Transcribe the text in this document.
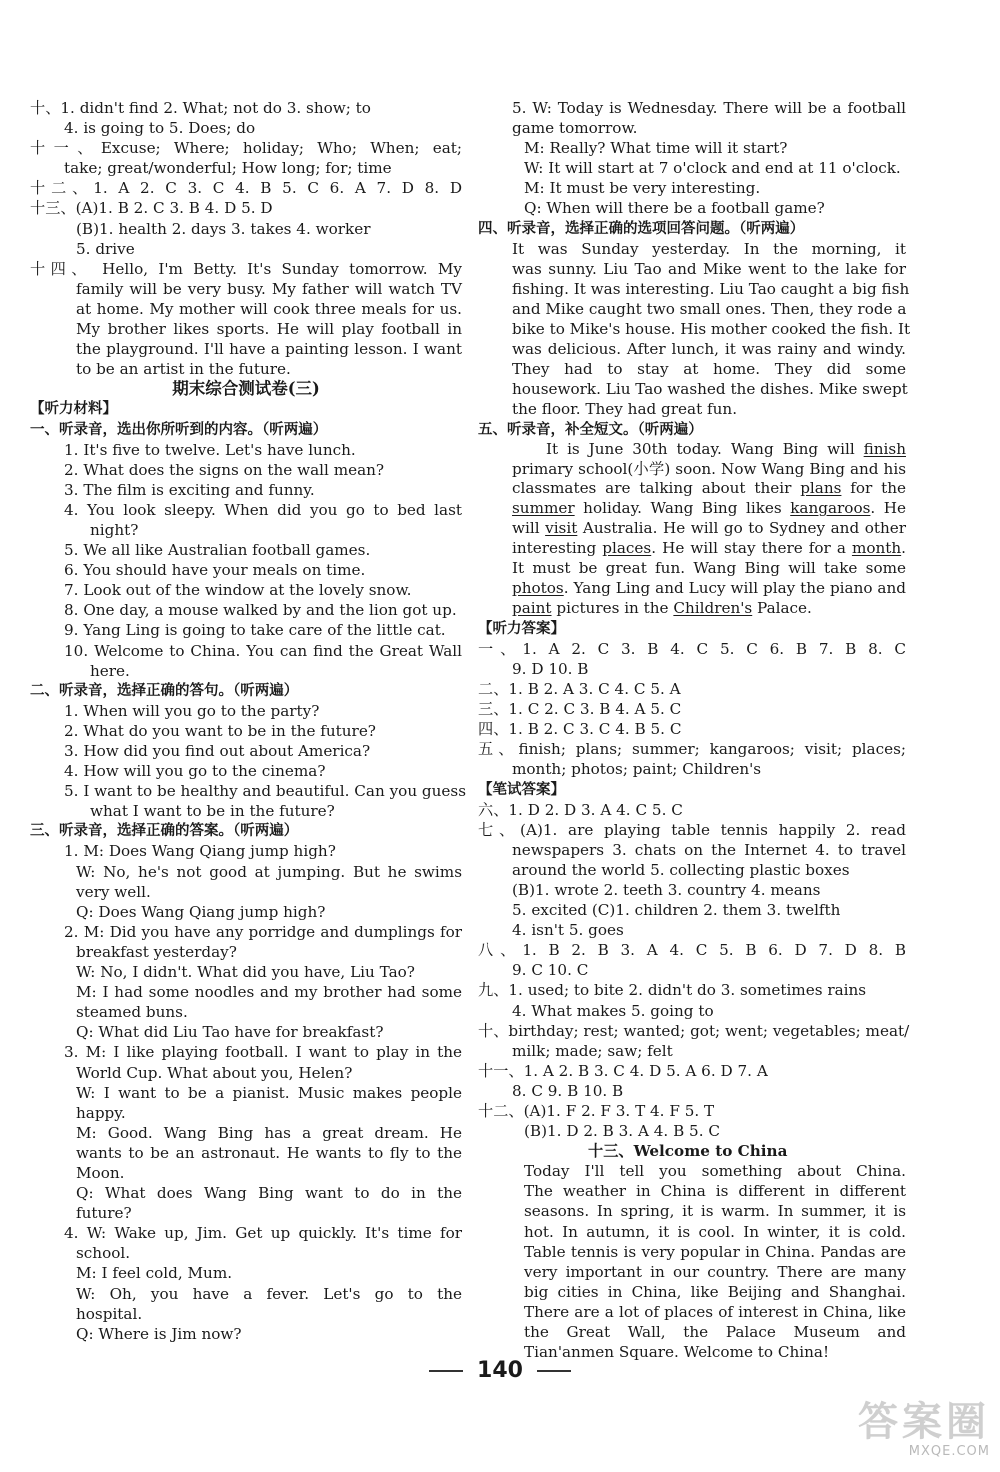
十、1. didn't find 2. What; not do 3. show; to
4. is going to 5. Does; do
十一、Excuse; Where; holiday; Who; When; eat;
take; great/wonderful; How long; for; time
十二、1. A 2. C 3. C 4. B 5. C 6. A 7. D 8. D
十三、(A)1. B 2. C 3. B 4. D 5. D
(B)1. health 2. days 3. takes 4. worker
5. drive
十四、 Hello, I'm Betty. It's Sunday tomorrow. My
family will be very busy. My father will watch TV
at home. My mother will cook three meals for us.
My brother likes sports. He will play football in
the playground. I'll have a painting lesson. I want
to be an artist in the future.
期末综合测试卷(三)
【听力材料】
一、听录音，选出你所听到的内容。（听两遍）
1. It's five to twelve. Let's have lunch.
2. What does the signs on the wall mean?
3. The film is exciting and funny.
4. You look sleepy. When did you go to bed last
night?
5. We all like Australian football games.
6. You should have your meals on time.
7. Look out of the window at the lovely snow.
8. One day, a mouse walked by and the lion got up.
9. Yang Ling is going to take care of the little cat.
10. Welcome to China. You can find the Great Wall
here.
二、听录音，选择正确的答句。（听两遍）
1. When will you go to the party?
2. What do you want to be in the future?
3. How did you find out about America?
4. How will you go to the cinema?
5. I want to be healthy and beautiful. Can you guess
what I want to be in the future?
三、听录音，选择正确的答案。（听两遍）
1. M: Does Wang Qiang jump high?
W: No, he's not good at jumping. But he swims
very well.
Q: Does Wang Qiang jump high?
2. M: Did you have any porridge and dumplings for
breakfast yesterday?
W: No, I didn't. What did you have, Liu Tao?
M: I had some noodles and my brother had some
steamed buns.
Q: What did Liu Tao have for breakfast?
3. M: I like playing football. I want to play in the
World Cup. What about you, Helen?
W: I want to be a pianist. Music makes people
happy.
M: Good. Wang Bing has a great dream. He
wants to be an astronaut. He wants to fly to the
Moon.
Q: What does Wang Bing want to do in the
future?
4. W: Wake up, Jim. Get up quickly. It's time for
school.
M: I feel cold, Mum.
W: Oh, you have a fever. Let's go to the
hospital.
Q: Where is Jim now?
5. W: Today is Wednesday. There will be a football
game tomorrow.
M: Really? What time will it start?
W: It will start at 7 o'clock and end at 11 o'clock.
M: It must be very interesting.
Q: When will there be a football game?
四、听录音，选择正确的选项回答问题。（听两遍）
It was Sunday yesterday. In the morning, it
was sunny. Liu Tao and Mike went to the lake for
fishing. It was interesting. Liu Tao caught a big fish
and Mike caught two small ones. Then, they rode a
bike to Mike's house. His mother cooked the fish. It
was delicious. After lunch, it was rainy and windy.
They had to stay at home. They did some
housework. Liu Tao washed the dishes. Mike swept
the floor. They had great fun.
五、听录音，补全短文。（听两遍）
It is June 30th today. Wang Bing will finish primary school(小学) soon. Now Wang Bing and his classmates are talking about their plans for the summer holiday. Wang Bing likes kangaroos. He will visit Australia. He will go to Sydney and other interesting places. He will stay there for a month. It must be great fun. Wang Bing will take some photos. Yang Ling and Lucy will play the piano and paint pictures in the Children's Palace.
【听力答案】
一、1. A 2. C 3. B 4. C 5. C 6. B 7. B 8. C
9. D 10. B
二、1. B 2. A 3. C 4. C 5. A
三、1. C 2. C 3. B 4. A 5. C
四、1. B 2. C 3. C 4. B 5. C
五、finish; plans; summer; kangaroos; visit; places;
month; photos; paint; Children's
【笔试答案】
六、1. D 2. D 3. A 4. C 5. C
七、(A)1. are playing table tennis happily 2. read
newspapers 3. chats on the Internet 4. to travel
around the world 5. collecting plastic boxes
(B)1. wrote 2. teeth 3. country 4. means
5. excited (C)1. children 2. them 3. twelfth
4. isn't 5. goes
八、1. B 2. B 3. A 4. C 5. B 6. D 7. D 8. B
9. C 10. C
九、1. used; to bite 2. didn't do 3. sometimes rains
4. What makes 5. going to
十、birthday; rest; wanted; got; went; vegetables; meat/
milk; made; saw; felt
十一、1. A 2. B 3. C 4. D 5. A 6. D 7. A
8. C 9. B 10. B
十二、(A)1. F 2. F 3. T 4. F 5. T
(B)1. D 2. B 3. A 4. B 5. C
十三、Welcome to China
Today I'll tell you something about China.
The weather in China is different in different
seasons. In spring, it is warm. In summer, it is
hot. In autumn, it is cool. In winter, it is cold.
Table tennis is very popular in China. Pandas are
very important in our country. There are many
big cities in China, like Beijing and Shanghai.
There are a lot of places of interest in China, like
the Great Wall, the Palace Museum and
Tian'anmen Square. Welcome to China!
140
答案圈
MXQE.COM
